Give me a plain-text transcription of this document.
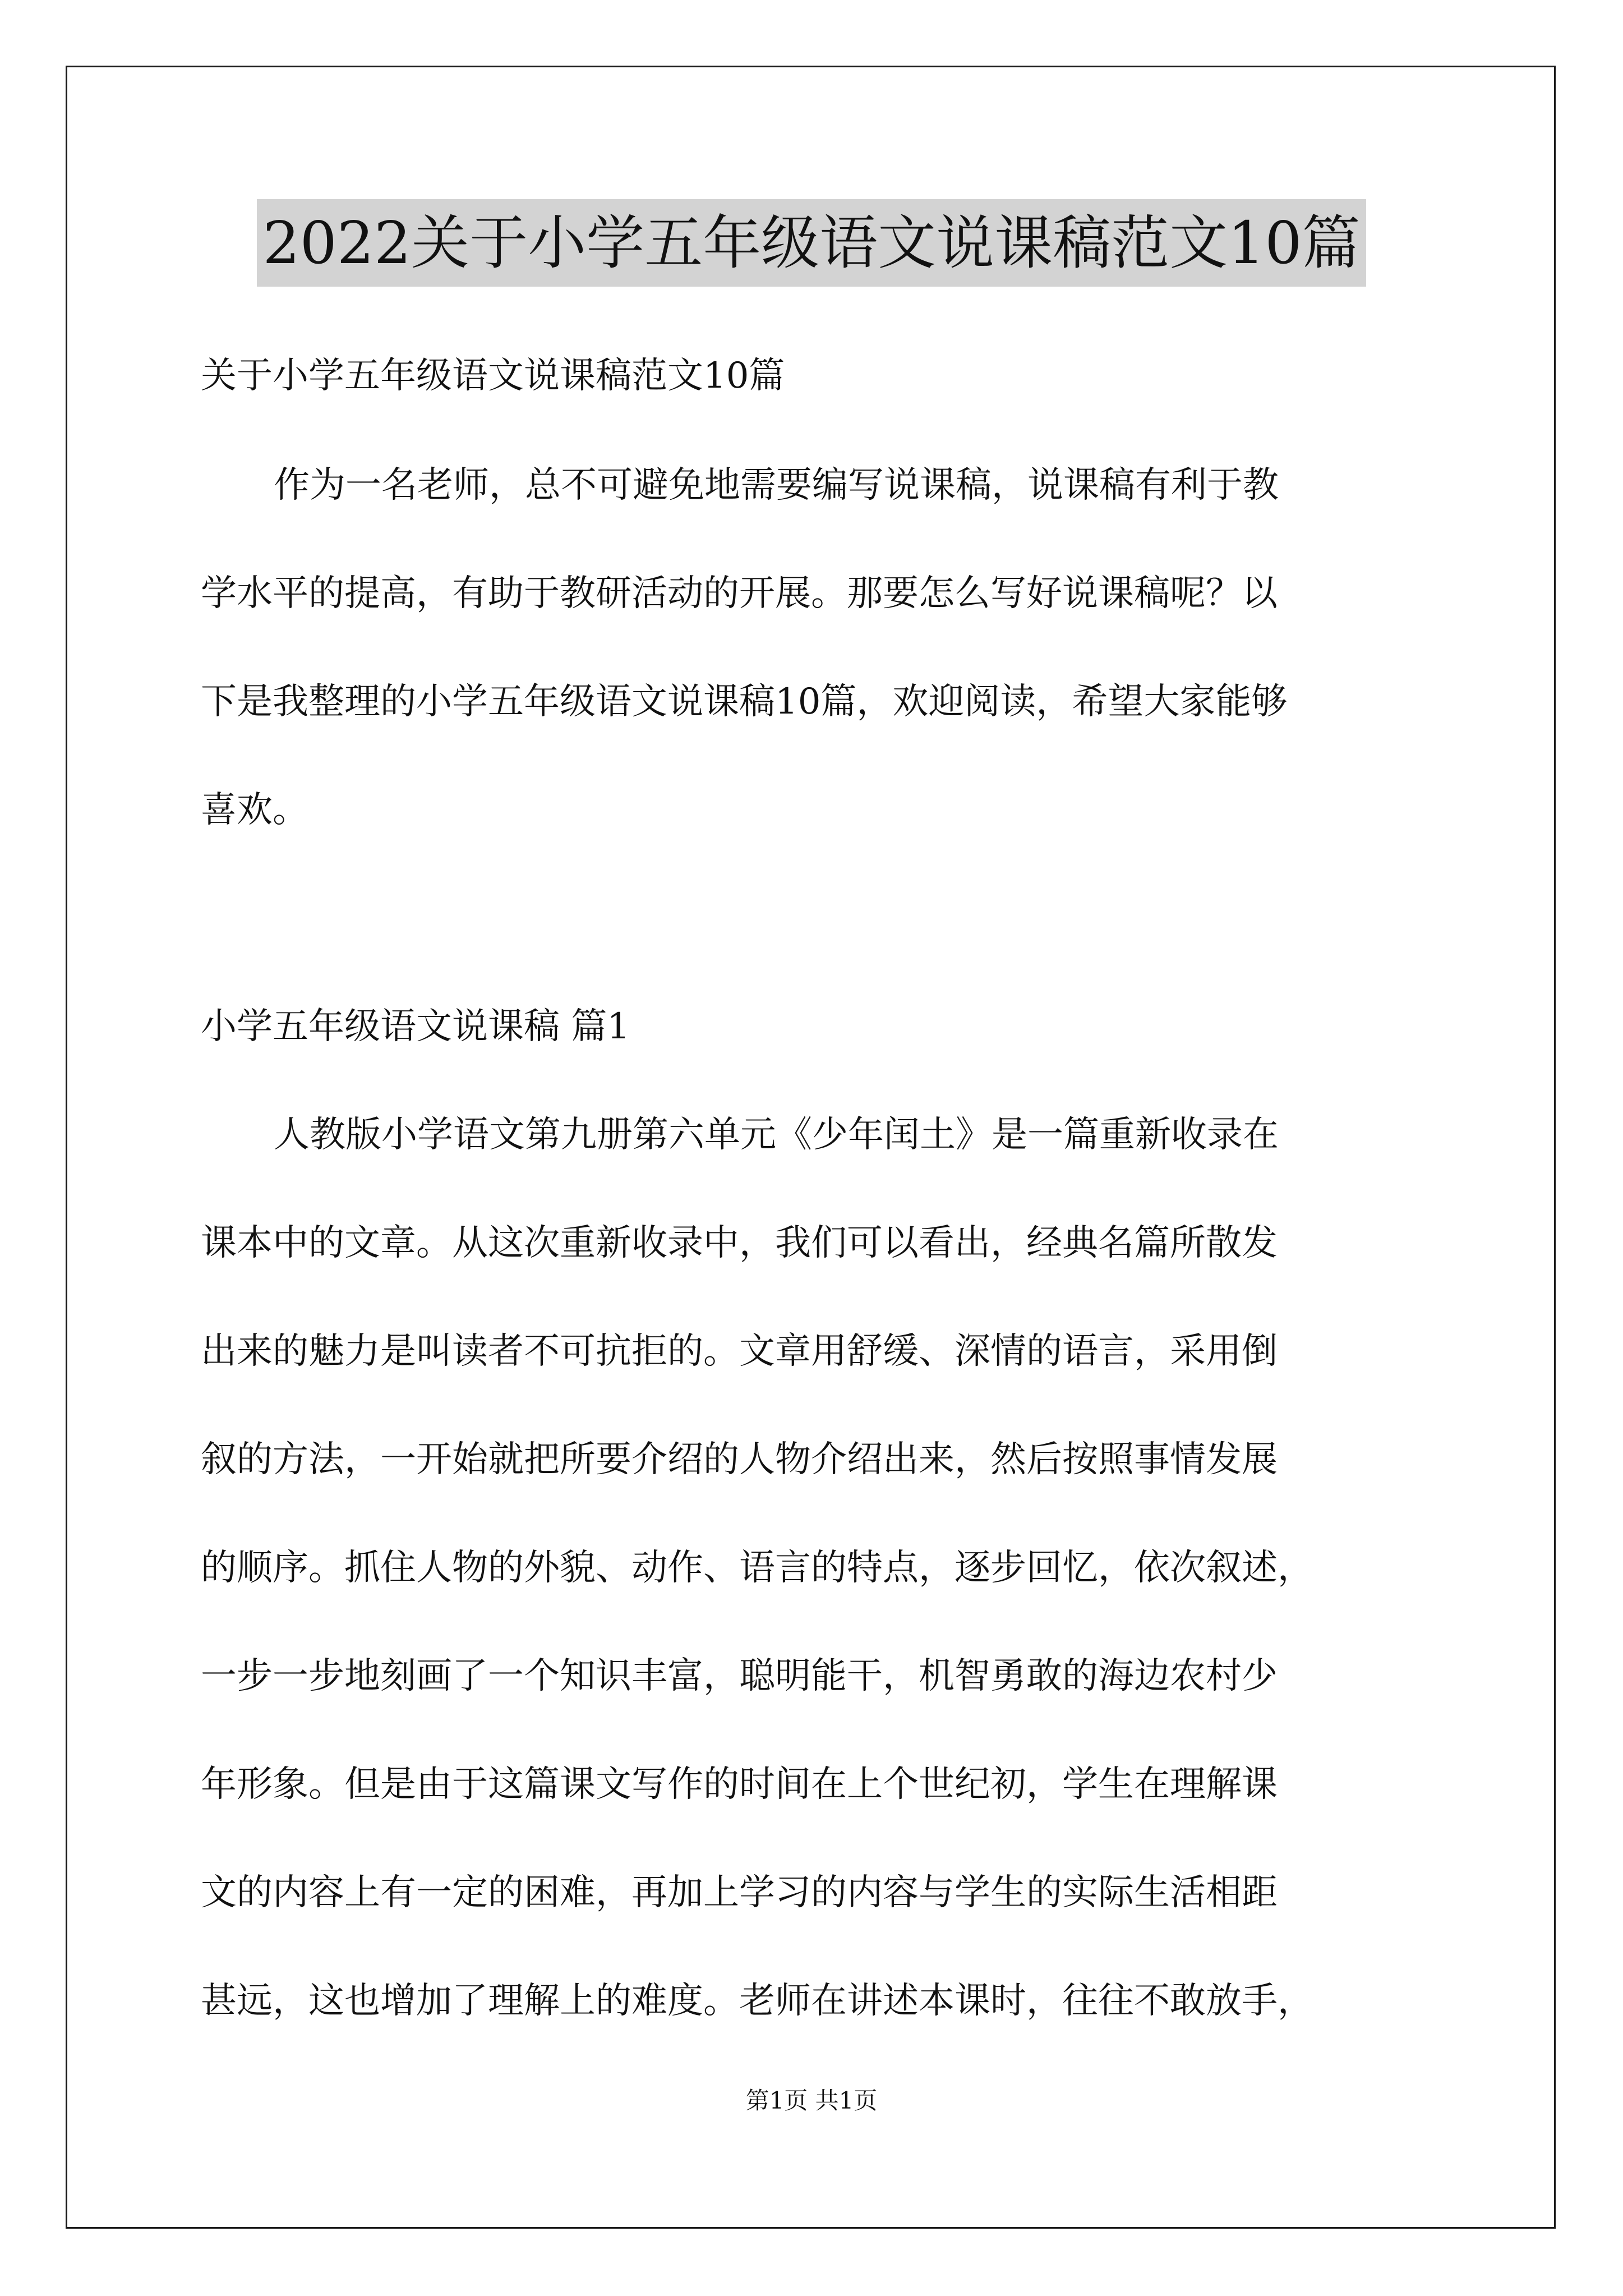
2022关于小学五年级语文说课稿范文10篇
关于小学五年级语文说课稿范文10篇
作为一名老师，总不可避免地需要编写说课稿，说课稿有利于教
学水平的提高，有助于教研活动的开展。那要怎么写好说课稿呢？以
下是我整理的小学五年级语文说课稿10篇，欢迎阅读，希望大家能够
喜欢。
小学五年级语文说课稿 篇1
人教版小学语文第九册第六单元《少年闰土》是一篇重新收录在
课本中的文章。从这次重新收录中，我们可以看出，经典名篇所散发
出来的魅力是叫读者不可抗拒的。文章用舒缓、深情的语言，采用倒
叙的方法，一开始就把所要介绍的人物介绍出来，然后按照事情发展
的顺序。抓住人物的外貌、动作、语言的特点，逐步回忆，依次叙述，
一步一步地刻画了一个知识丰富，聪明能干，机智勇敢的海边农村少
年形象。但是由于这篇课文写作的时间在上个世纪初，学生在理解课
文的内容上有一定的困难，再加上学习的内容与学生的实际生活相距
甚远，这也增加了理解上的难度。老师在讲述本课时，往往不敢放手，
第1页 共1页
